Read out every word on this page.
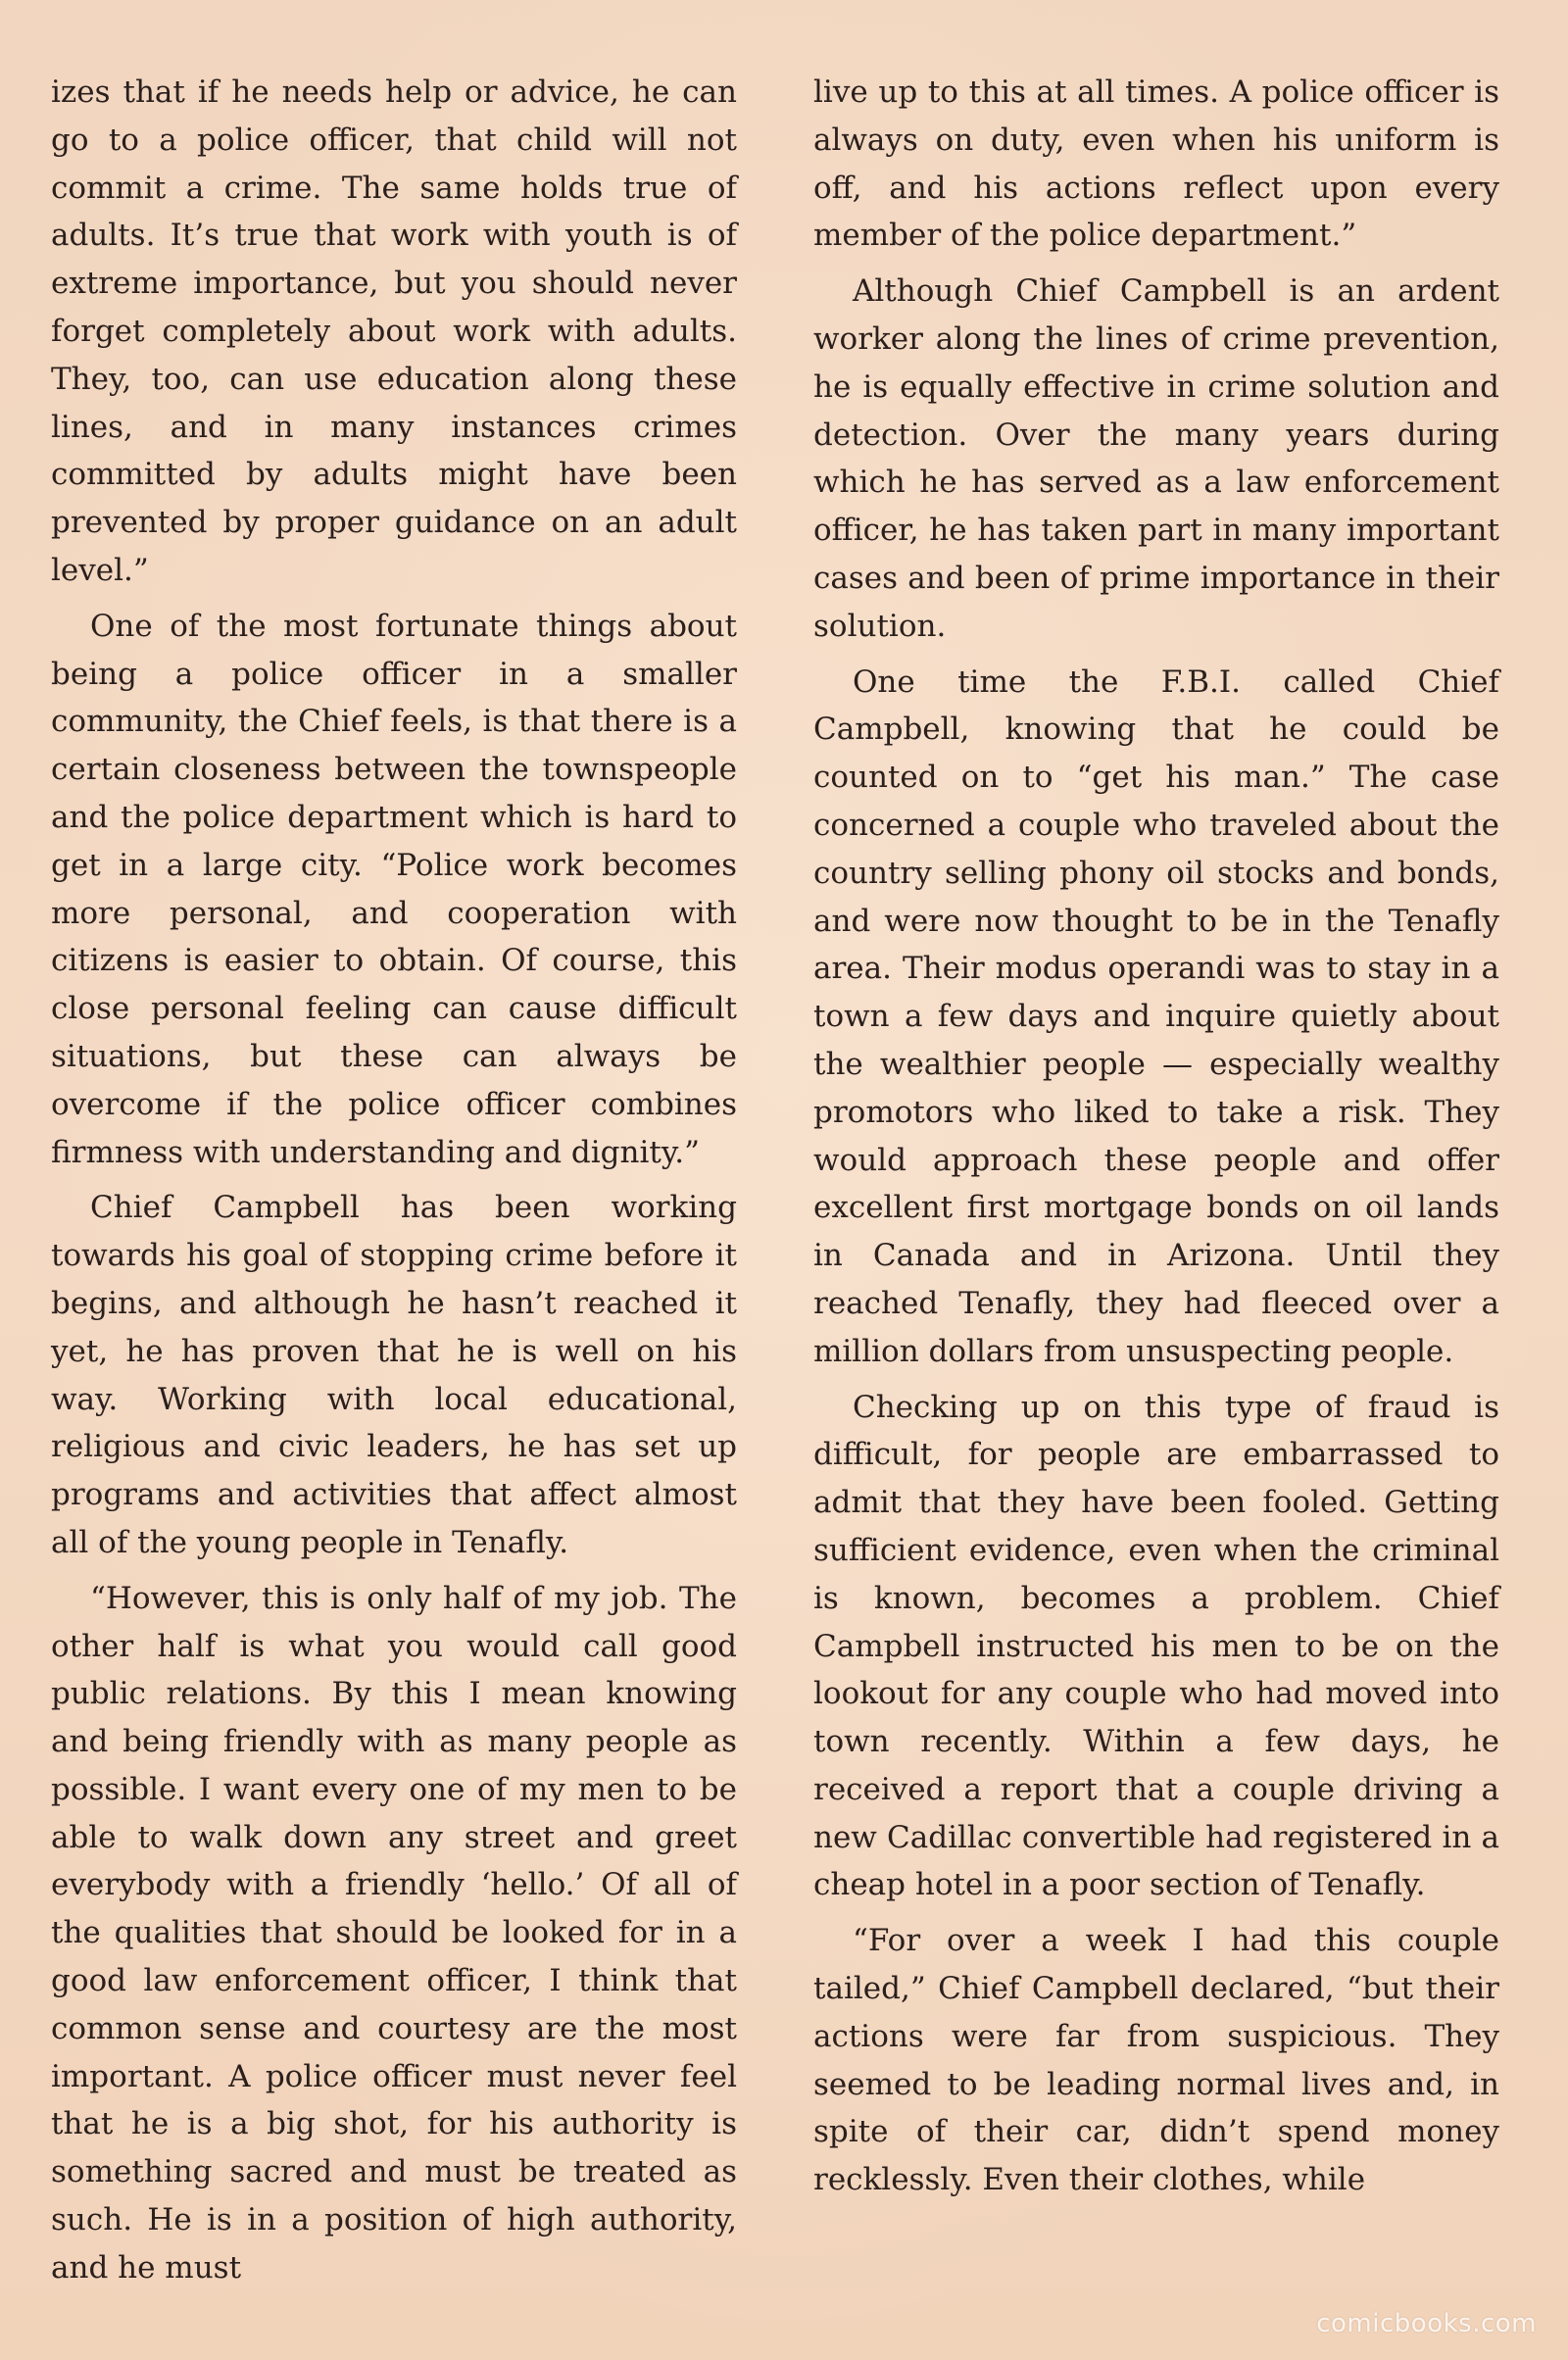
izes that if he needs help or advice, he can go to a police officer, that child will not commit a crime. The same holds true of adults. It’s true that work with youth is of extreme importance, but you should never forget completely about work with adults. They, too, can use education along these lines, and in many instances crimes committed by adults might have been prevented by proper guidance on an adult level.”

One of the most fortunate things about being a police officer in a smaller community, the Chief feels, is that there is a certain closeness between the townspeople and the police department which is hard to get in a large city. “Police work becomes more personal, and cooperation with citizens is easier to obtain. Of course, this close personal feeling can cause difficult situations, but these can always be overcome if the police officer combines firmness with understanding and dignity.”

Chief Campbell has been working towards his goal of stopping crime before it begins, and although he hasn’t reached it yet, he has proven that he is well on his way. Working with local educational, religious and civic leaders, he has set up programs and activities that affect almost all of the young people in Tenafly.

“However, this is only half of my job. The other half is what you would call good public relations. By this I mean knowing and being friendly with as many people as possible. I want every one of my men to be able to walk down any street and greet everybody with a friendly ‘hello.’ Of all of the qualities that should be looked for in a good law enforcement officer, I think that common sense and courtesy are the most important. A police officer must never feel that he is a big shot, for his authority is something sacred and must be treated as such. He is in a position of high authority, and he must

live up to this at all times. A police officer is always on duty, even when his uniform is off, and his actions reflect upon every member of the police department.”

Although Chief Campbell is an ardent worker along the lines of crime prevention, he is equally effective in crime solution and detection. Over the many years during which he has served as a law enforcement officer, he has taken part in many important cases and been of prime importance in their solution.

One time the F.B.I. called Chief Campbell, knowing that he could be counted on to “get his man.” The case concerned a couple who traveled about the country selling phony oil stocks and bonds, and were now thought to be in the Tenafly area. Their modus operandi was to stay in a town a few days and inquire quietly about the wealthier people — especially wealthy promotors who liked to take a risk. They would approach these people and offer excellent first mortgage bonds on oil lands in Canada and in Arizona. Until they reached Tenafly, they had fleeced over a million dollars from unsuspecting people.

Checking up on this type of fraud is difficult, for people are embarrassed to admit that they have been fooled. Getting sufficient evidence, even when the criminal is known, becomes a problem. Chief Campbell instructed his men to be on the lookout for any couple who had moved into town recently. Within a few days, he received a report that a couple driving a new Cadillac convertible had registered in a cheap hotel in a poor section of Tenafly.

“For over a week I had this couple tailed,” Chief Campbell declared, “but their actions were far from suspicious. They seemed to be leading normal lives and, in spite of their car, didn’t spend money recklessly. Even their clothes, while

comicbooks.com
